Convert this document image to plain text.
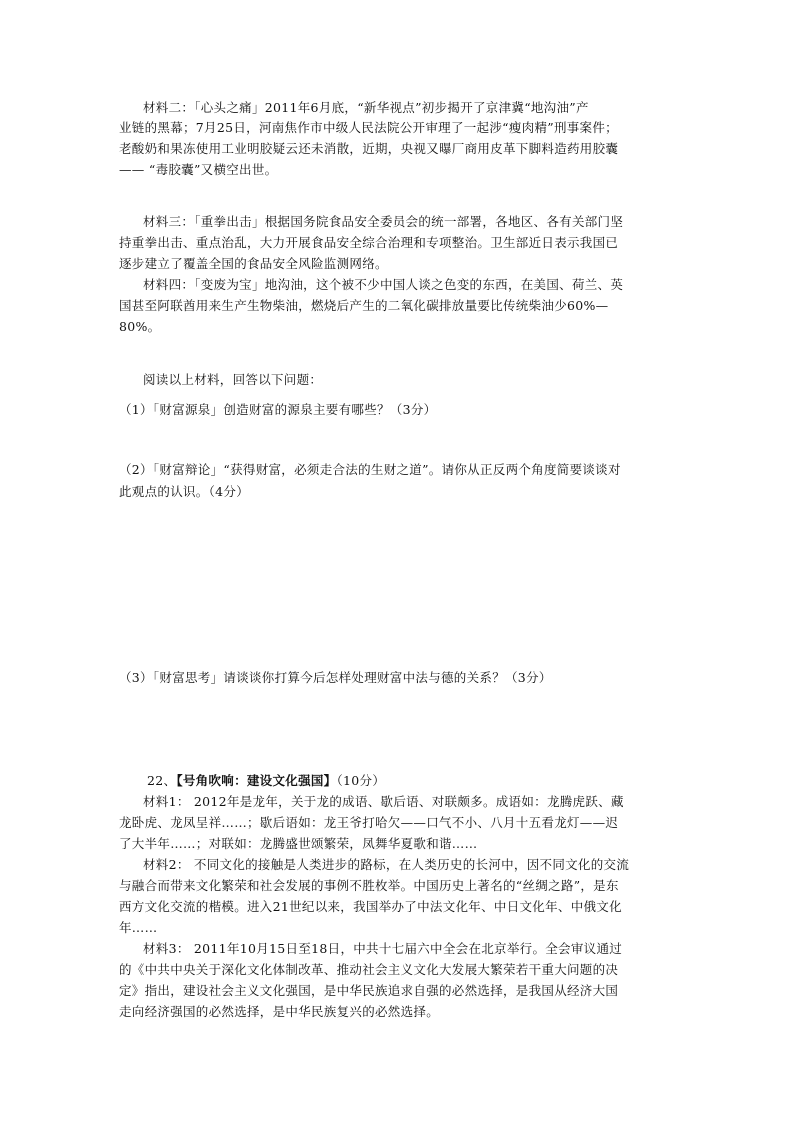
材料二：「心头之痛」2011年6月底，“新华视点”初步揭开了京津冀“地沟油”产
业链的黑幕；7月25日，河南焦作市中级人民法院公开审理了一起涉“瘦肉精”刑事案件；
老酸奶和果冻使用工业明胶疑云还未消散，近期，央视又曝厂商用皮革下脚料造药用胶囊
—— “毒胶囊”又横空出世。
材料三：「重拳出击」根据国务院食品安全委员会的统一部署，各地区、各有关部门坚
持重拳出击、重点治乱，大力开展食品安全综合治理和专项整治。卫生部近日表示我国已
逐步建立了覆盖全国的食品安全风险监测网络。
材料四：「变废为宝」地沟油，这个被不少中国人谈之色变的东西，在美国、荷兰、英
国甚至阿联酋用来生产生物柴油，燃烧后产生的二氧化碳排放量要比传统柴油少60%—
80%。
阅读以上材料，回答以下问题：
（1）「财富源泉」创造财富的源泉主要有哪些？（3分）
（2）「财富辩论」“获得财富，必须走合法的生财之道”。请你从正反两个角度简要谈谈对
此观点的认识。（4分）
（3）「财富思考」请谈谈你打算今后怎样处理财富中法与德的关系？（3分）
22、【号角吹响：建设文化强国】（10分）
材料1： 2012年是龙年，关于龙的成语、歇后语、对联颇多。成语如：龙腾虎跃、藏
龙卧虎、龙凤呈祥……；歇后语如：龙王爷打哈欠——口气不小、八月十五看龙灯——迟
了大半年……；对联如：龙腾盛世颂繁荣，凤舞华夏歌和谐……
材料2： 不同文化的接触是人类进步的路标，在人类历史的长河中，因不同文化的交流
与融合而带来文化繁荣和社会发展的事例不胜枚举。中国历史上著名的“丝绸之路”，是东
西方文化交流的楷模。进入21世纪以来，我国举办了中法文化年、中日文化年、中俄文化
年……
材料3： 2011年10月15日至18日，中共十七届六中全会在北京举行。全会审议通过
的《中共中央关于深化文化体制改革、推动社会主义文化大发展大繁荣若干重大问题的决
定》指出，建设社会主义文化强国，是中华民族追求自强的必然选择，是我国从经济大国
走向经济强国的必然选择，是中华民族复兴的必然选择。
